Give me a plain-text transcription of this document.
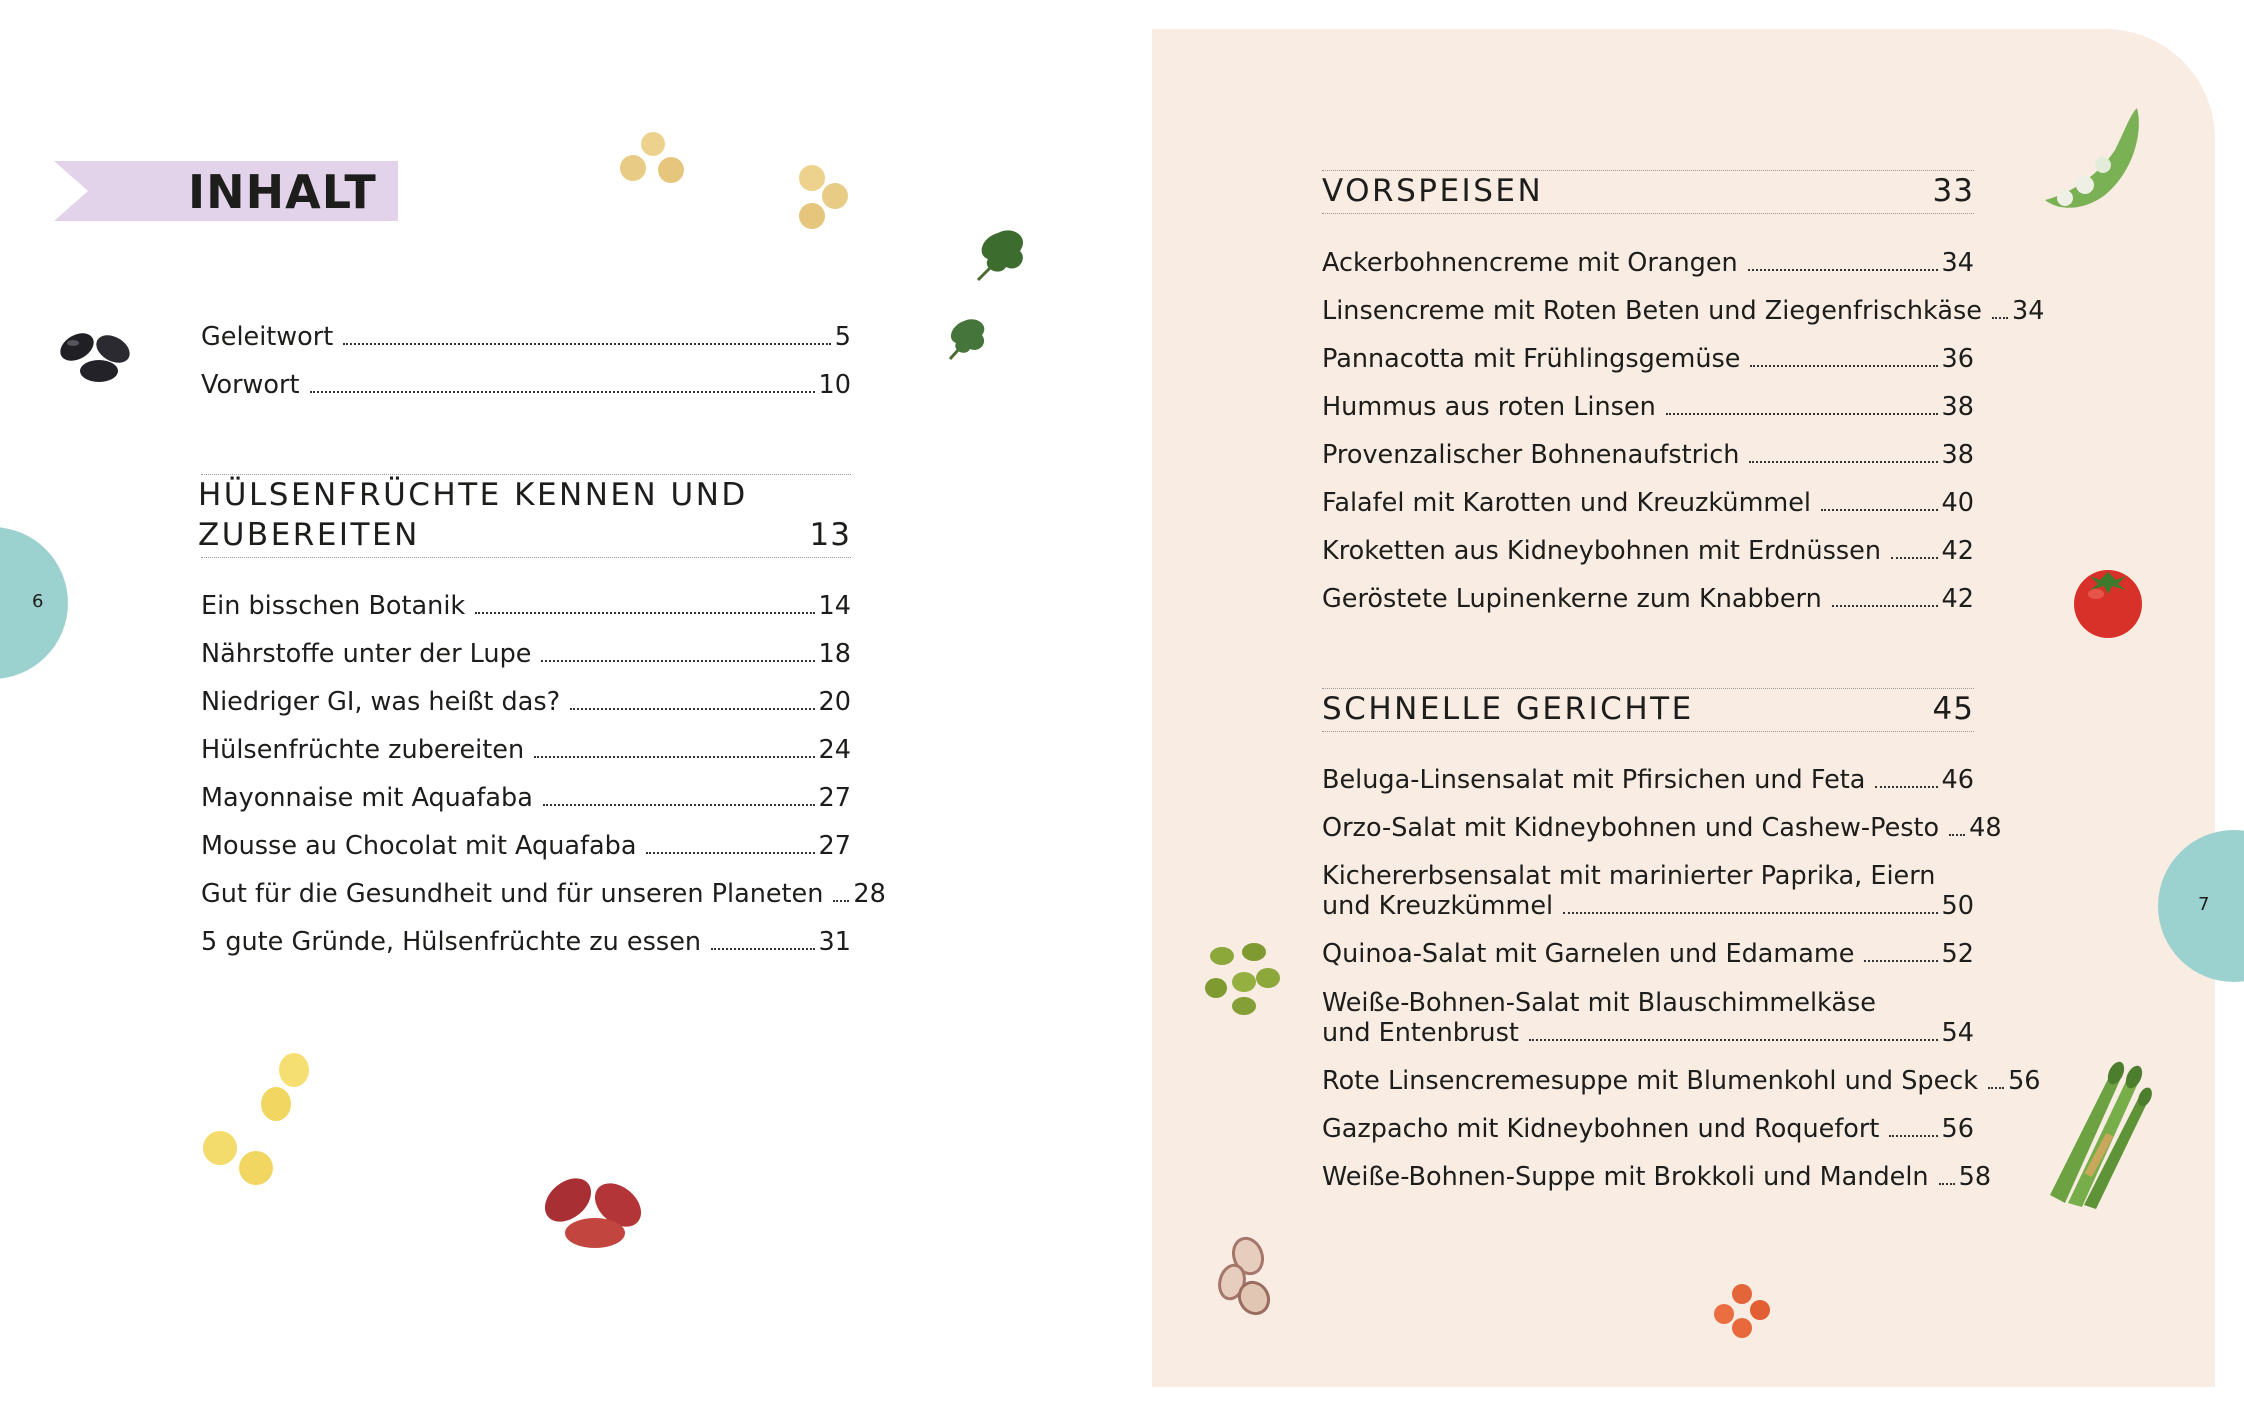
6
7
INHALT
Geleitwort	5
Vorwort	10
HÜLSENFRÜCHTE KENNEN UND
ZUBEREITEN	13
Ein bisschen Botanik	14
Nährstoffe unter der Lupe	18
Niedriger GI, was heißt das?	20
Hülsenfrüchte zubereiten	24
Mayonnaise mit Aquafaba	27
Mousse au Chocolat mit Aquafaba	27
Gut für die Gesundheit und für unseren Planeten 28
5 gute Gründe, Hülsenfrüchte zu essen	31
VORSPEISEN	33
Ackerbohnencreme mit Orangen	34
Linsencreme mit Roten Beten und Ziegenfrischkäse 34
Pannacotta mit Frühlingsgemüse	36
Hummus aus roten Linsen	38
Provenzalischer Bohnenaufstrich	38
Falafel mit Karotten und Kreuzkümmel	40
Kroketten aus Kidneybohnen mit Erdnüssen 42
Geröstete Lupinenkerne zum Knabbern	42
SCHNELLE GERICHTE	45
Beluga-Linsensalat mit Pfirsichen und Feta	46
Orzo-Salat mit Kidneybohnen und Cashew-Pesto 48
Kichererbsensalat mit marinierter Paprika, Eiern
und Kreuzkümmel	50
Quinoa-Salat mit Garnelen und Edamame	52
Weiße-Bohnen-Salat mit Blauschimmelkäse
und Entenbrust	54
Rote Linsencremesuppe mit Blumenkohl und Speck 56
Gazpacho mit Kidneybohnen und Roquefort 56
Weiße-Bohnen-Suppe mit Brokkoli und Mandeln 58
